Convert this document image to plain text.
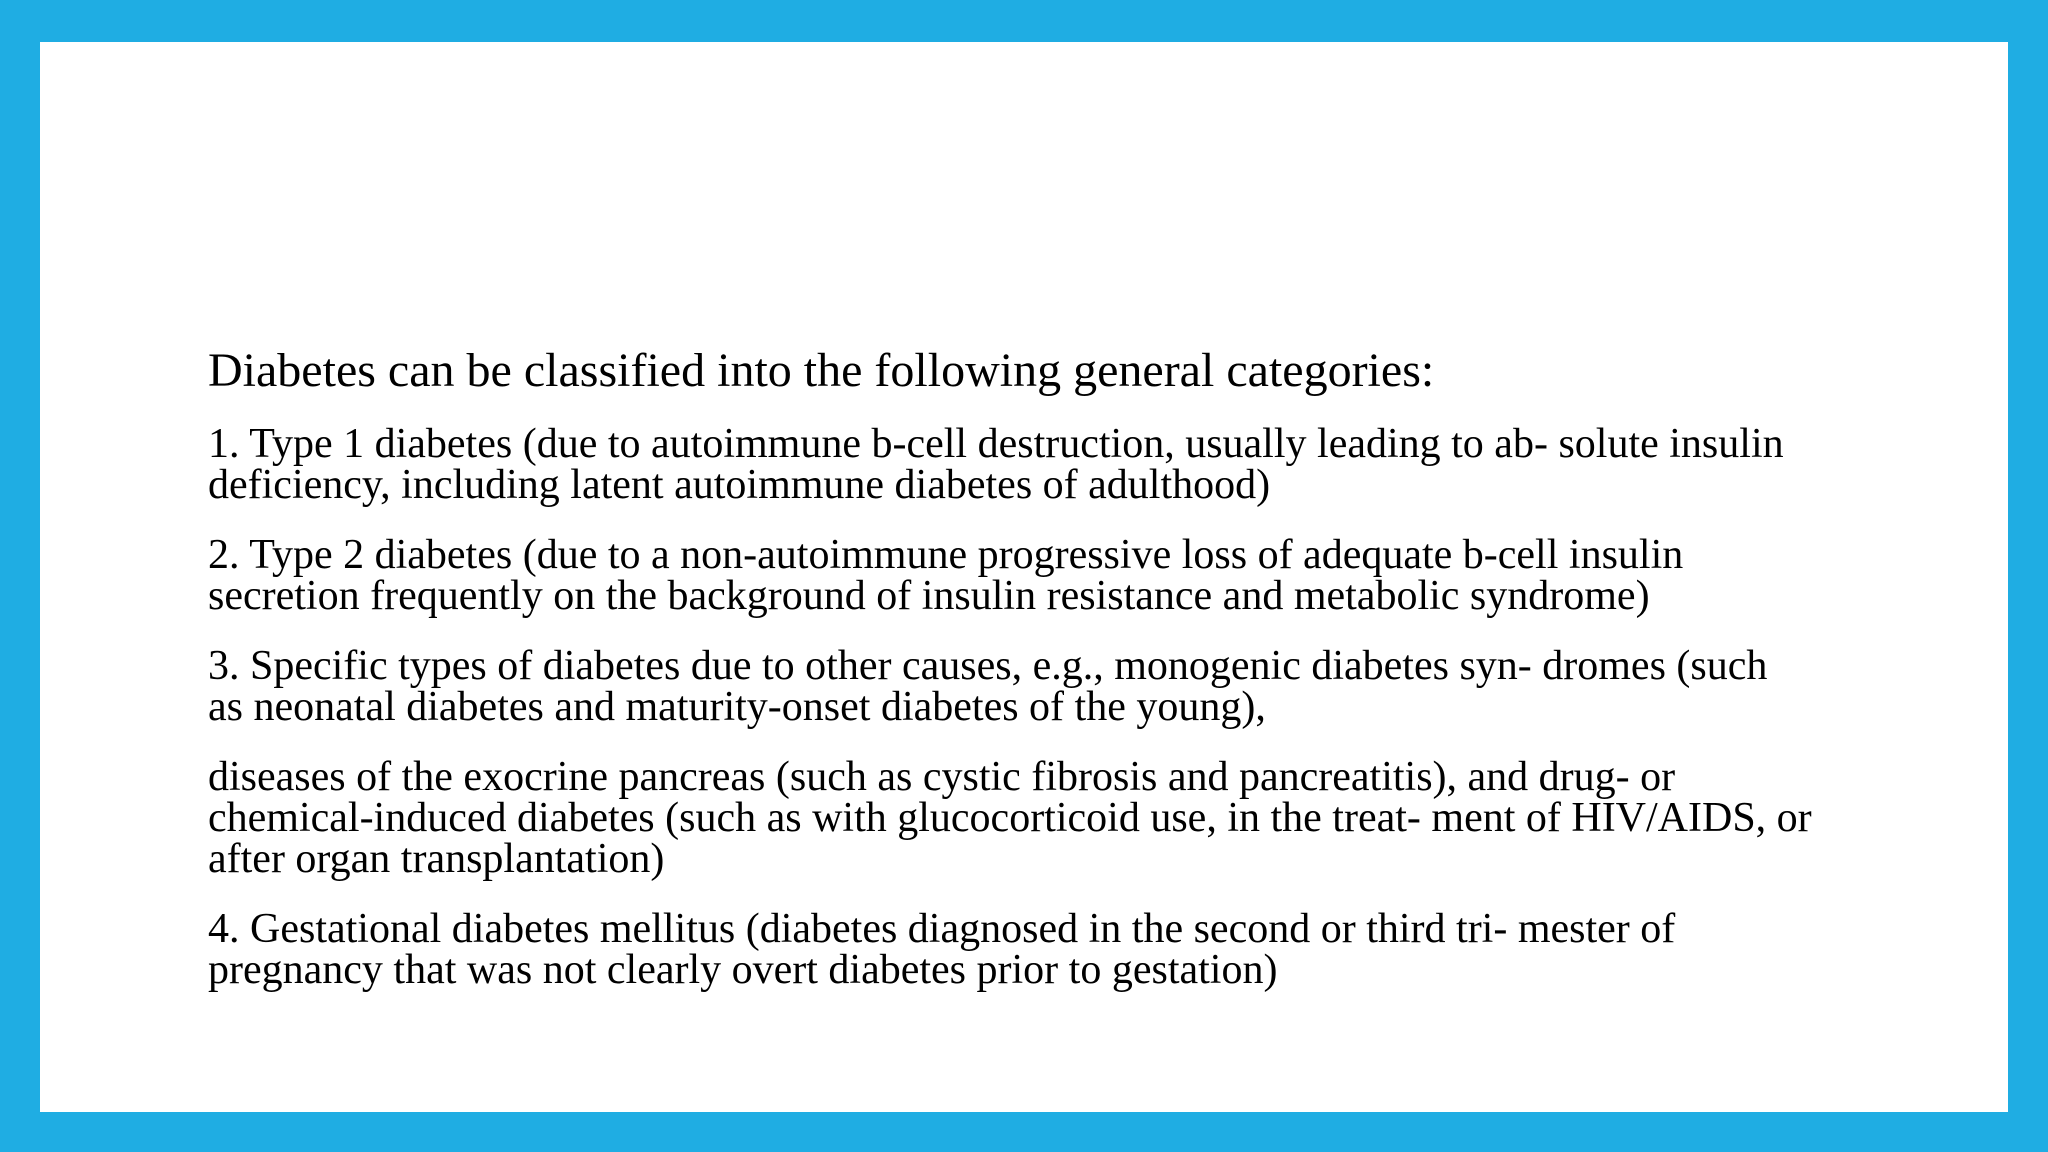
Diabetes can be classified into the following general categories:
1. Type 1 diabetes (due to autoimmune b-cell destruction, usually leading to ab- solute insulin
deficiency, including latent autoimmune diabetes of adulthood)
2. Type 2 diabetes (due to a non-autoimmune progressive loss of adequate b-cell insulin
secretion frequently on the background of insulin resistance and metabolic syndrome)
3. Specific types of diabetes due to other causes, e.g., monogenic diabetes syn- dromes (such
as neonatal diabetes and maturity-onset diabetes of the young),
diseases of the exocrine pancreas (such as cystic fibrosis and pancreatitis), and drug- or
chemical-induced diabetes (such as with glucocorticoid use, in the treat- ment of HIV/AIDS, or
after organ transplantation)
4. Gestational diabetes mellitus (diabetes diagnosed in the second or third tri- mester of
pregnancy that was not clearly overt diabetes prior to gestation)
